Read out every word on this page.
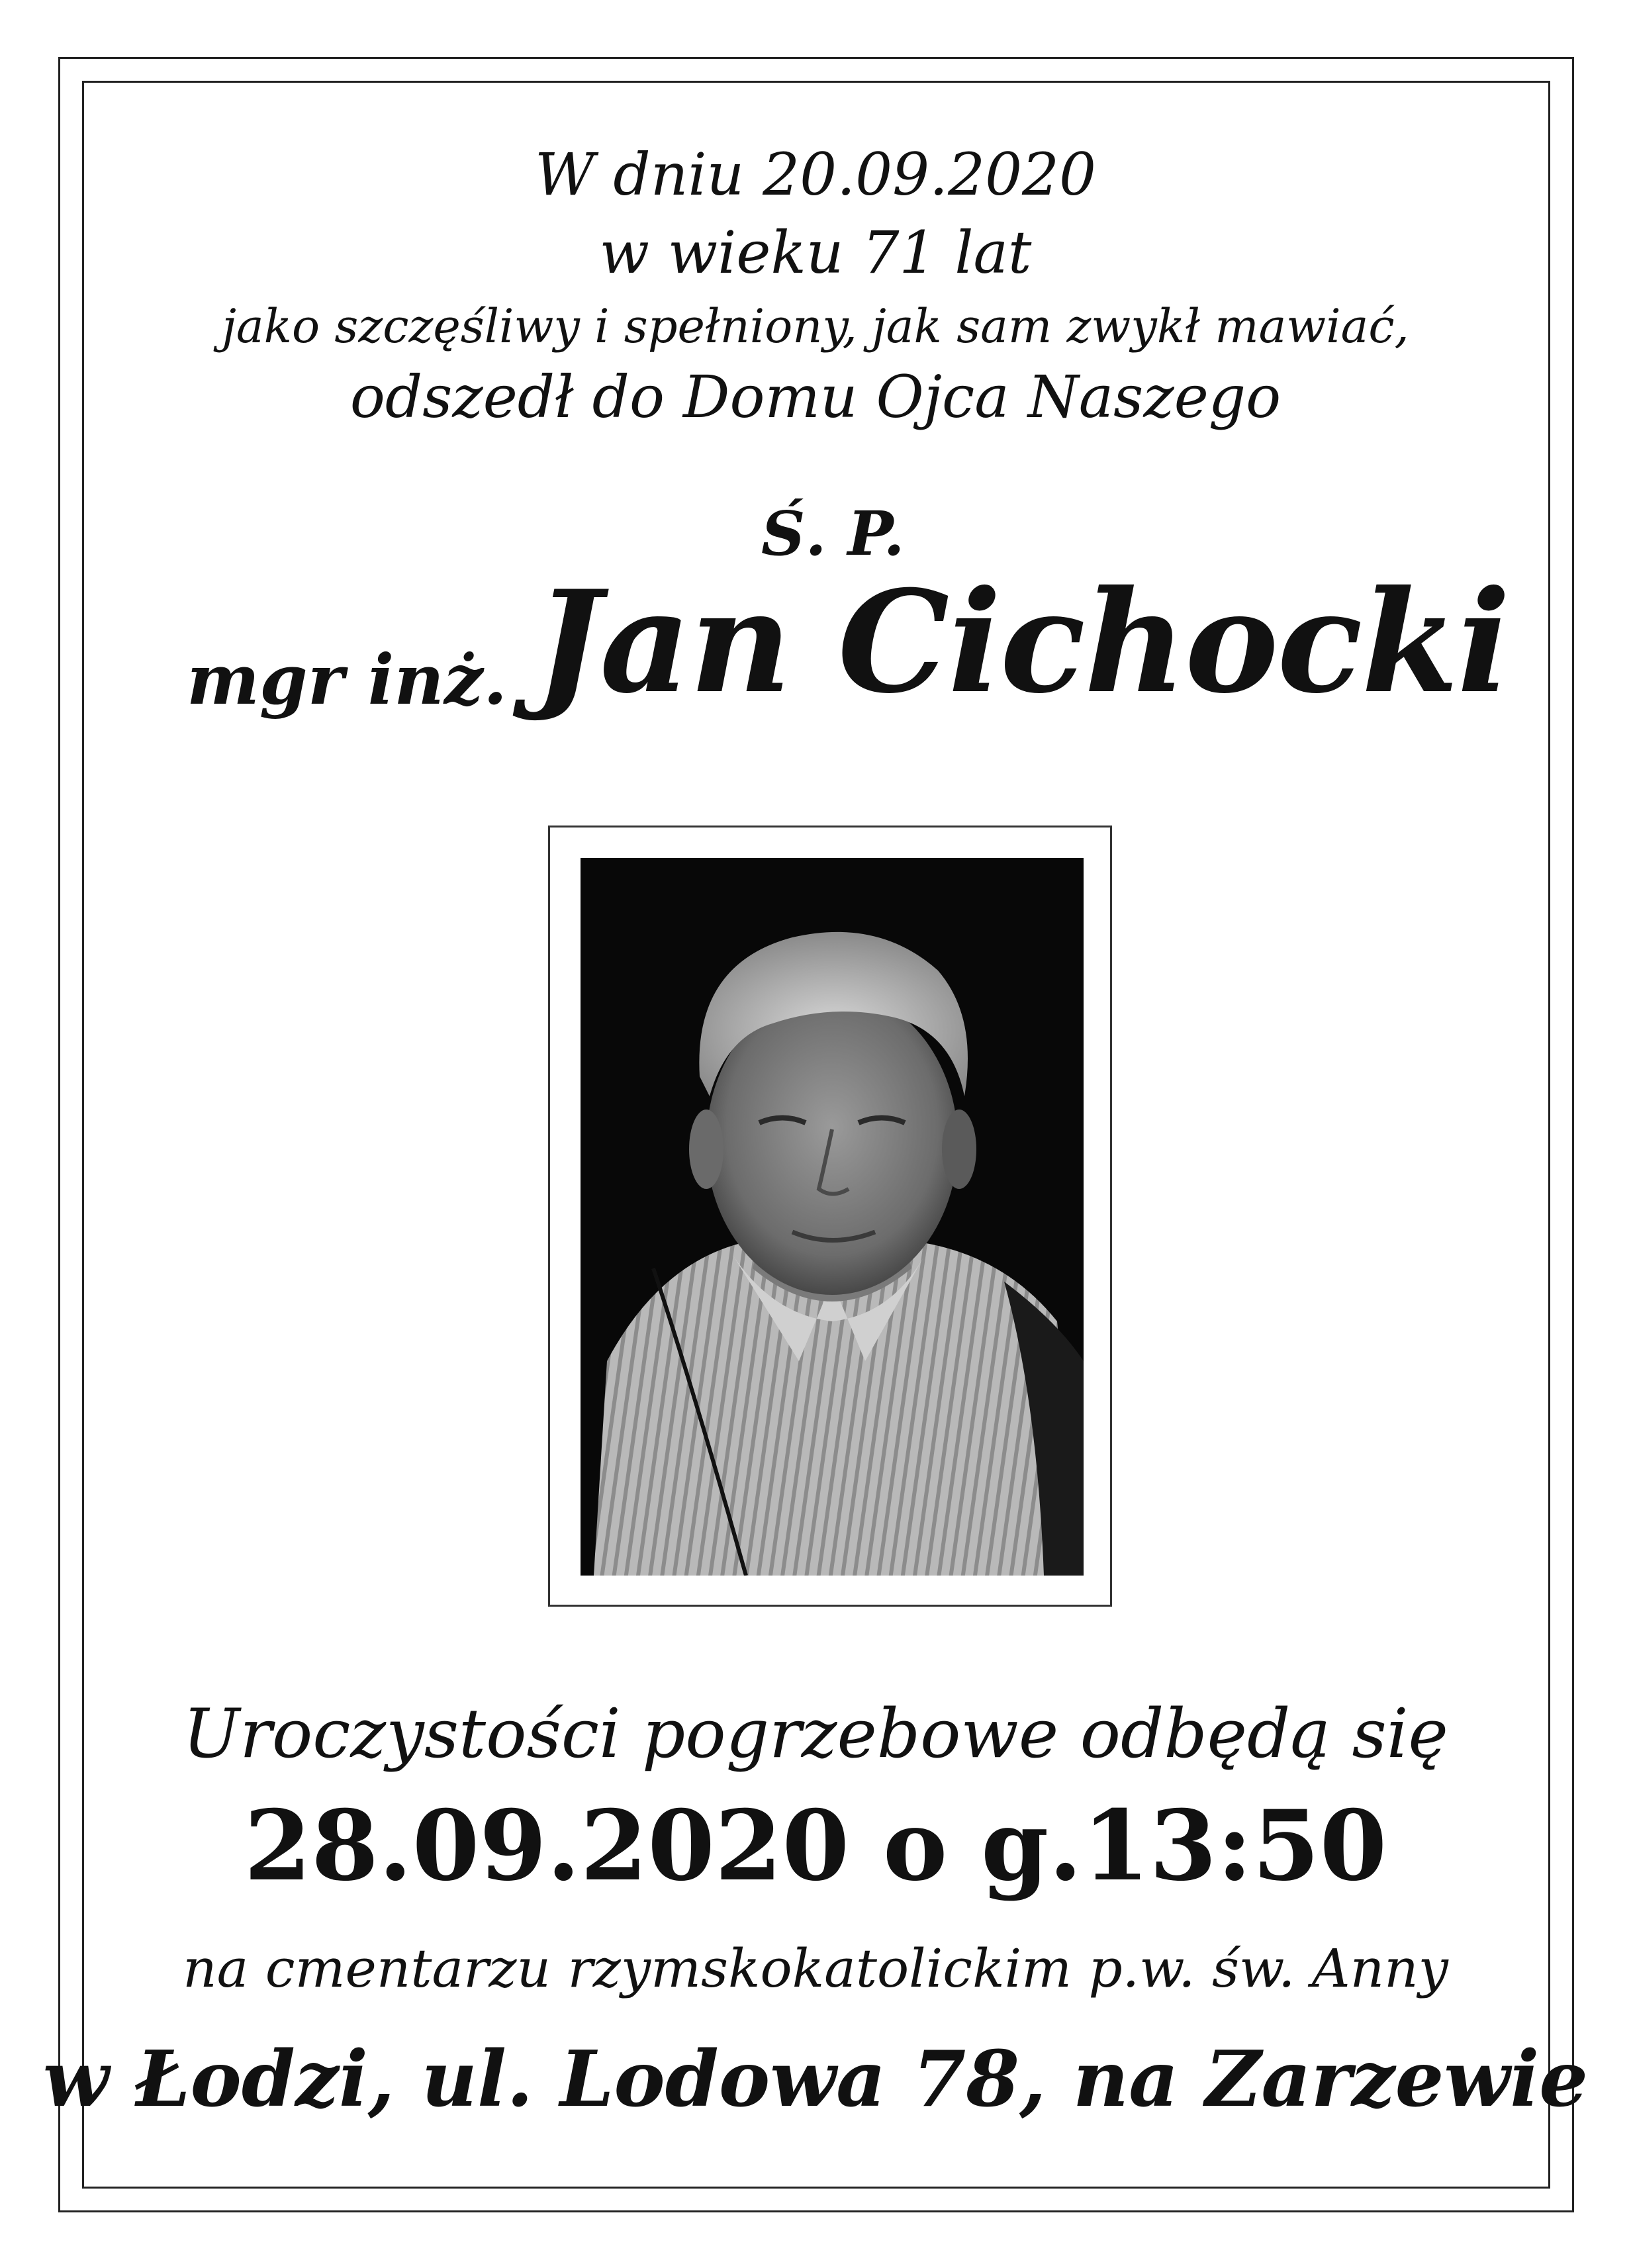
W dniu 20.09.2020
w wieku 71 lat
jako szczęśliwy i spełniony, jak sam zwykł mawiać,
odszedł do Domu Ojca Naszego
Ś. P.
mgr inż. Jan Cichocki
Uroczystości pogrzebowe odbędą się
28.09.2020 o g.13:50
na cmentarzu rzymskokatolickim p.w. św. Anny
w Łodzi, ul. Lodowa 78, na Zarzewie
